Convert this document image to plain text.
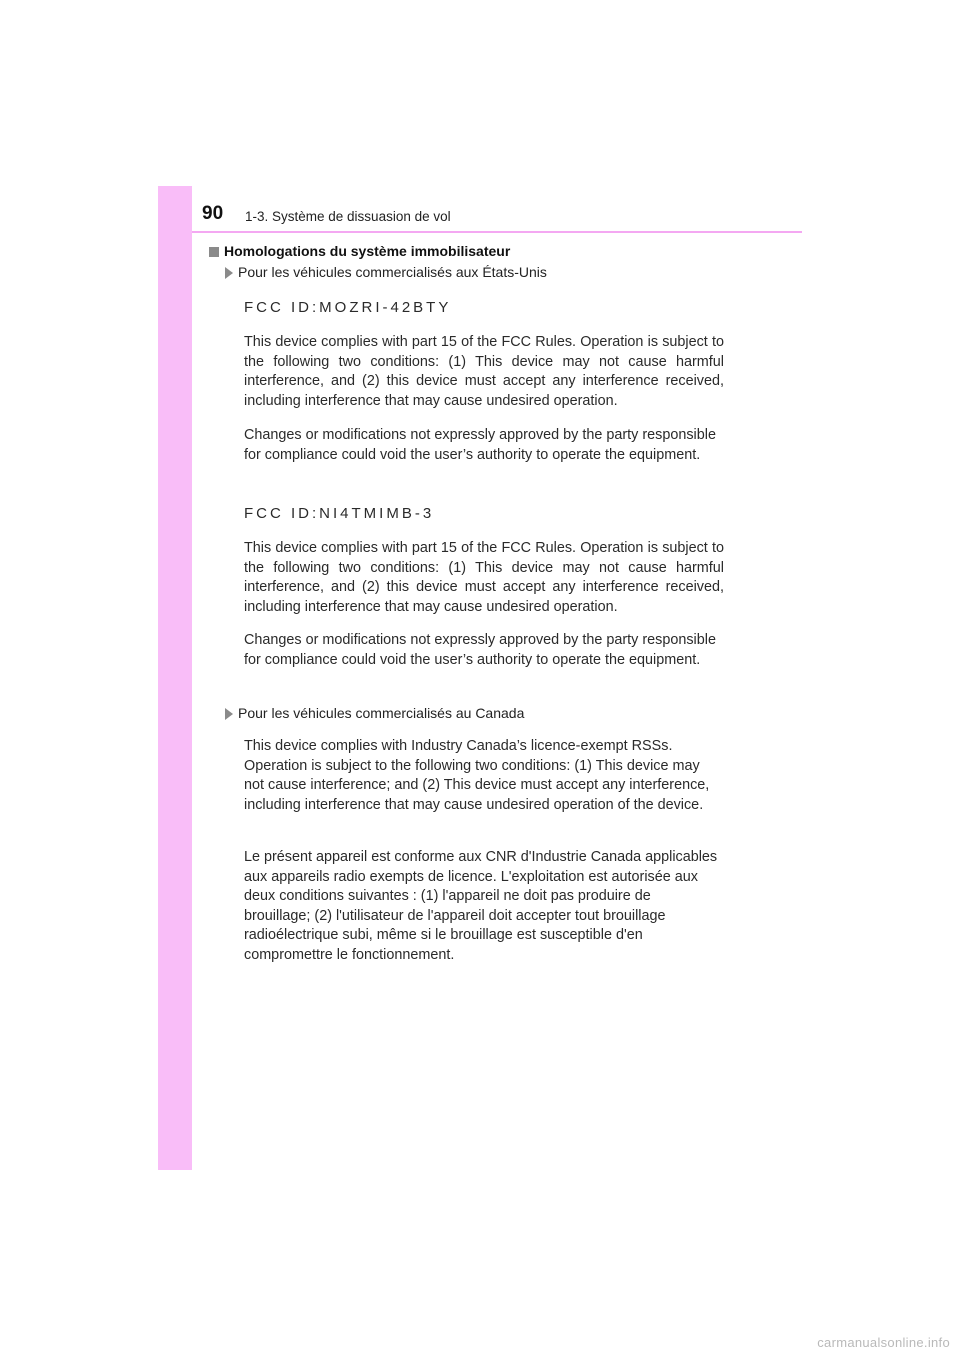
90 1-3. Système de dissuasion de vol
Homologations du système immobilisateur
Pour les véhicules commercialisés aux États-Unis
FCC ID:MOZRI-42BTY

This device complies with part 15 of the FCC Rules. Operation is subject to the following two conditions: (1) This device may not cause harmful interference, and (2) this device must accept any interference received, including interference that may cause undesired operation.

Changes or modifications not expressly approved by the party responsible for compliance could void the user’s authority to operate the equipment.

FCC ID:NI4TMIMB-3

This device complies with part 15 of the FCC Rules. Operation is subject to the following two conditions: (1) This device may not cause harmful interference, and (2) this device must accept any interference received, including interference that may cause undesired operation.

Changes or modifications not expressly approved by the party responsible for compliance could void the user’s authority to operate the equipment.

Pour les véhicules commercialisés au Canada

This device complies with Industry Canada’s licence-exempt RSSs. Operation is subject to the following two conditions: (1) This device may not cause interference; and (2) This device must accept any interference, including interference that may cause undesired operation of the device.

Le présent appareil est conforme aux CNR d'Industrie Canada applicables aux appareils radio exempts de licence. L'exploitation est autorisée aux deux conditions suivantes : (1) l'appareil ne doit pas produire de brouillage; (2) l'utilisateur de l'appareil doit accepter tout brouillage radioélectrique subi, même si le brouillage est susceptible d'en compromettre le fonctionnement.

carmanualsonline.info
